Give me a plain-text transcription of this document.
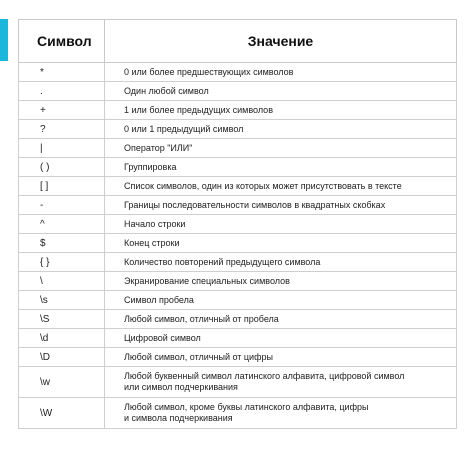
Символ	Значение
*	0 или более предшествующих символов
.	Один любой символ
+	1 или более предыдущих символов
?	0 или 1 предыдущий символ
|	Оператор "ИЛИ"
( )	Группировка
[ ]	Список символов, один из которых может присутствовать в тексте
-	Границы последовательности символов в квадратных скобках
^	Начало строки
$	Конец строки
{ }	Количество повторений предыдущего символа
\	Экранирование специальных символов
\s	Символ пробела
\S	Любой символ, отличный от пробела
\d	Цифровой символ
\D	Любой символ, отличный от цифры
\w	Любой буквенный символ латинского алфавита, цифровой символ
или символ подчеркивания
\W	Любой символ, кроме буквы латинского алфавита, цифры
и символа подчеркивания
